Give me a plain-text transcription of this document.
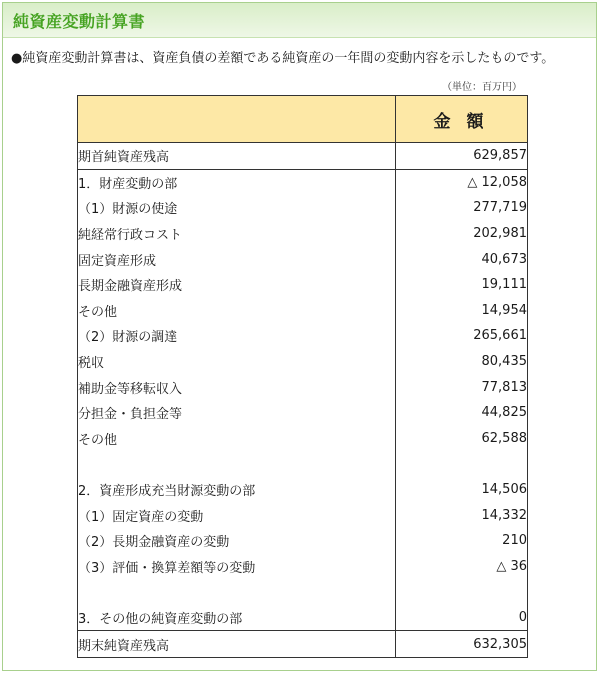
純資産変動計算書
●純資産変動計算書は、資産負債の差額である純資産の一年間の変動内容を示したものです。
（単位：百万円）
	金額
期首純資産残高	629,857
1．財産変動の部	△ 12,058
（1）財源の使途	277,719
純経常行政コスト	202,981
固定資産形成	40,673
長期金融資産形成	19,111
その他	14,954
（2）財源の調達	265,661
税収	80,435
補助金等移転収入	77,813
分担金・負担金等	44,825
その他	62,588

2．資産形成充当財源変動の部	14,506
（1）固定資産の変動	14,332
（2）長期金融資産の変動	210
（3）評価・換算差額等の変動	△ 36

3．その他の純資産変動の部	0
期末純資産残高	632,305
